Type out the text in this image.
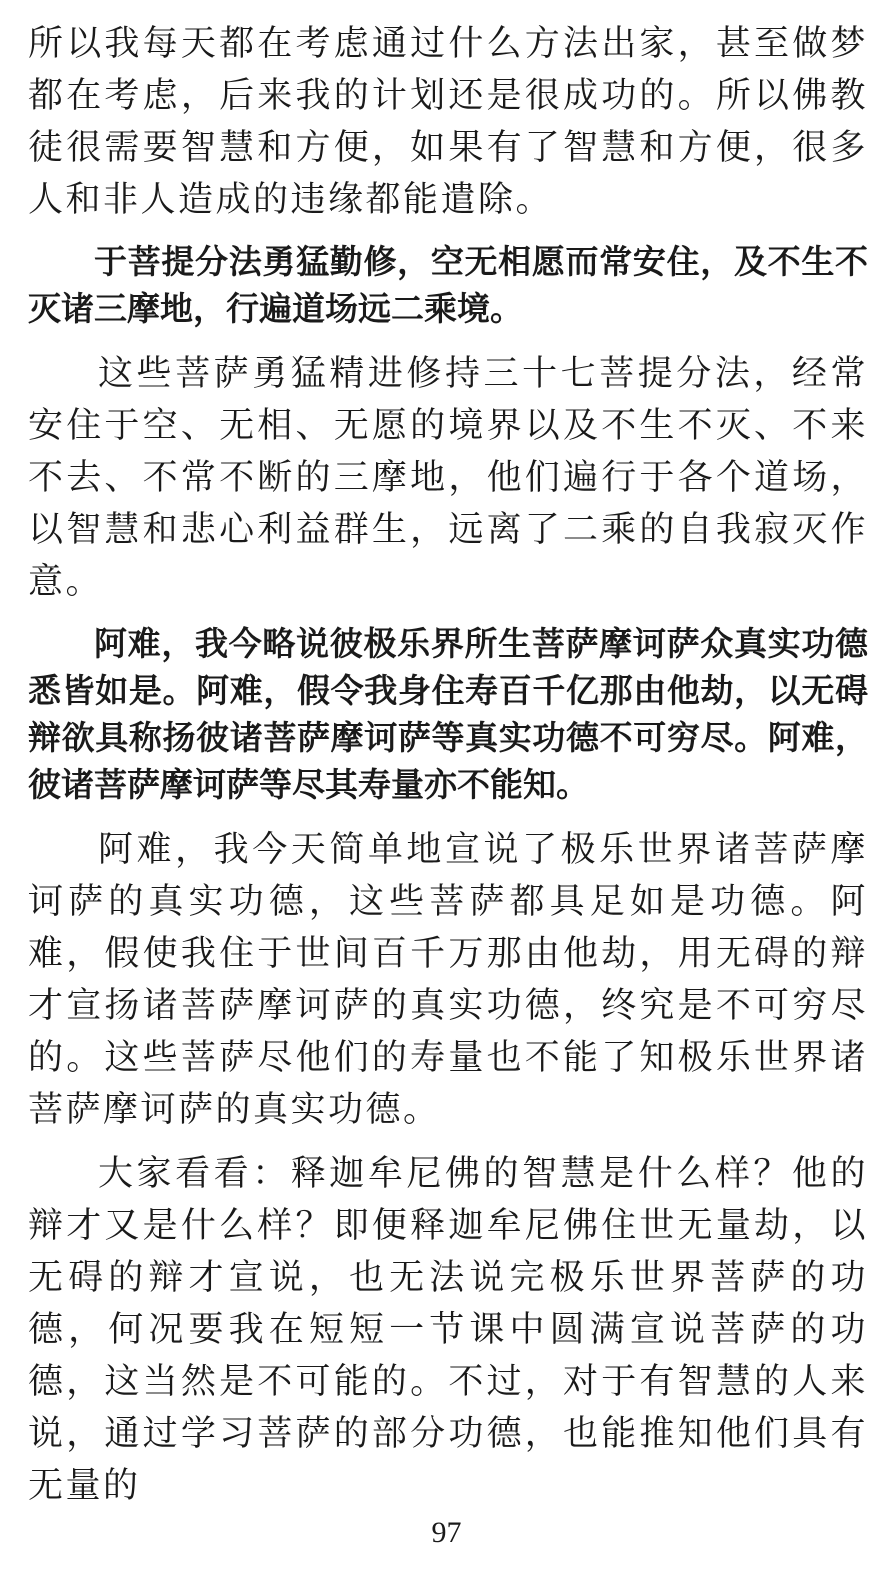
所以我每天都在考虑通过什么方法出家，甚至做梦都在考虑，后来我的计划还是很成功的。所以佛教徒很需要智慧和方便，如果有了智慧和方便，很多人和非人造成的违缘都能遣除。

于菩提分法勇猛勤修，空无相愿而常安住，及不生不灭诸三摩地，行遍道场远二乘境。

这些菩萨勇猛精进修持三十七菩提分法，经常安住于空、无相、无愿的境界以及不生不灭、不来不去、不常不断的三摩地，他们遍行于各个道场，以智慧和悲心利益群生，远离了二乘的自我寂灭作意。

阿难，我今略说彼极乐界所生菩萨摩诃萨众真实功德悉皆如是。阿难，假令我身住寿百千亿那由他劫，以无碍辩欲具称扬彼诸菩萨摩诃萨等真实功德不可穷尽。阿难，彼诸菩萨摩诃萨等尽其寿量亦不能知。

阿难，我今天简单地宣说了极乐世界诸菩萨摩诃萨的真实功德，这些菩萨都具足如是功德。阿难，假使我住于世间百千万那由他劫，用无碍的辩才宣扬诸菩萨摩诃萨的真实功德，终究是不可穷尽的。这些菩萨尽他们的寿量也不能了知极乐世界诸菩萨摩诃萨的真实功德。

大家看看：释迦牟尼佛的智慧是什么样？他的辩才又是什么样？即便释迦牟尼佛住世无量劫，以无碍的辩才宣说，也无法说完极乐世界菩萨的功德，何况要我在短短一节课中圆满宣说菩萨的功德，这当然是不可能的。不过，对于有智慧的人来说，通过学习菩萨的部分功德，也能推知他们具有无量的

97
